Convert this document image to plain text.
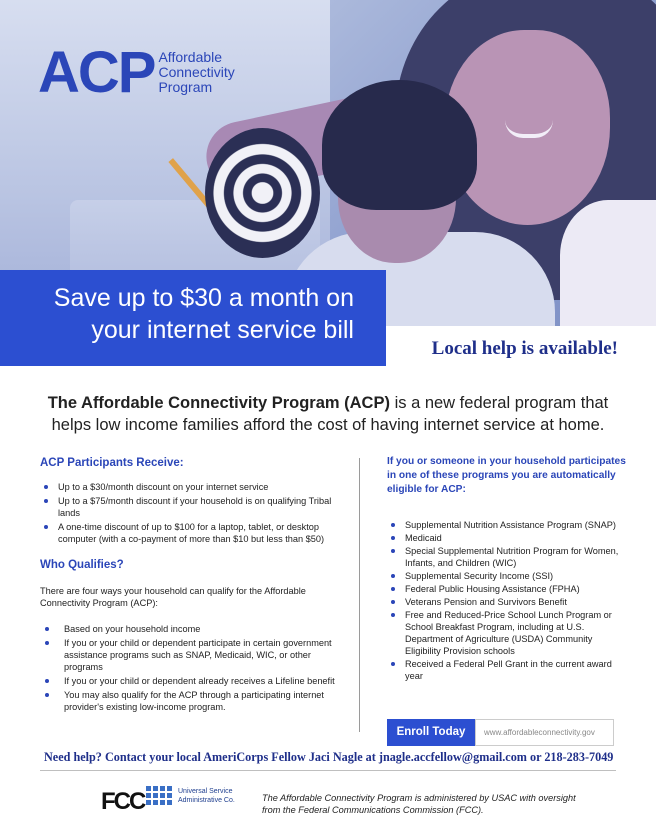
ACP Affordable
Connectivity
Program
Save up to $30 a month on
your internet service bill
Local help is available!
The Affordable Connectivity Program (ACP) is a new federal program that helps low income families afford the cost of having internet service at home.
ACP Participants Receive:
Up to a $30/month discount on your internet service
Up to a $75/month discount if your household is on qualifying Tribal lands
A one-time discount of up to $100 for a laptop, tablet, or desktop computer (with a co-payment of more than $10 but less than $50)
Who Qualifies?
There are four ways your household can qualify for the Affordable Connectivity Program (ACP):
Based on your household income
If you or your child or dependent participate in certain government assistance programs such as SNAP, Medicaid, WIC, or other programs
If you or your child or dependent already receives a Lifeline benefit
You may also qualify for the ACP through a participating internet provider's existing low-income program.
If you or someone in your household participates in one of these programs you are automatically eligible for ACP:
Supplemental Nutrition Assistance Program (SNAP)
Medicaid
Special Supplemental Nutrition Program for Women, Infants, and Children (WIC)
Supplemental Security Income (SSI)
Federal Public Housing Assistance (FPHA)
Veterans Pension and Survivors Benefit
Free and Reduced-Price School Lunch Program or School Breakfast Program, including at U.S. Department of Agriculture (USDA) Community Eligibility Provision schools
Received a Federal Pell Grant in the current award year
Enroll Today	www.affordableconnectivity.gov
Need help? Contact your local AmeriCorps Fellow Jaci Nagle at jnagle.accfellow@gmail.com or 218-283-7049
FCC	Universal Service
Administrative Co.	The Affordable Connectivity Program is administered by USAC with oversight from the Federal Communications Commission (FCC).
